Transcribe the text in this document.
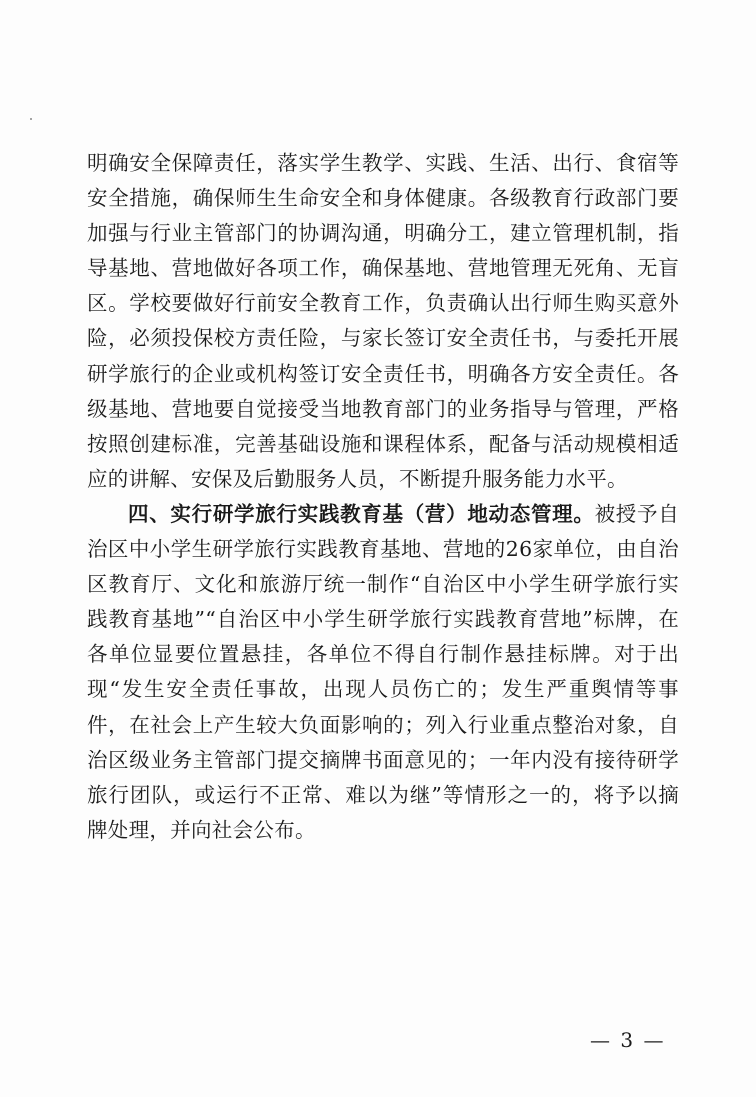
明确安全保障责任，落实学生教学、实践、生活、出行、食宿等安全措施，确保师生生命安全和身体健康。各级教育行政部门要加强与行业主管部门的协调沟通，明确分工，建立管理机制，指导基地、营地做好各项工作，确保基地、营地管理无死角、无盲区。学校要做好行前安全教育工作，负责确认出行师生购买意外险，必须投保校方责任险，与家长签订安全责任书，与委托开展研学旅行的企业或机构签订安全责任书，明确各方安全责任。各级基地、营地要自觉接受当地教育部门的业务指导与管理，严格按照创建标准，完善基础设施和课程体系，配备与活动规模相适应的讲解、安保及后勤服务人员，不断提升服务能力水平。

四、实行研学旅行实践教育基（营）地动态管理。被授予自治区中小学生研学旅行实践教育基地、营地的26家单位，由自治区教育厅、文化和旅游厅统一制作“自治区中小学生研学旅行实践教育基地”“自治区中小学生研学旅行实践教育营地”标牌，在各单位显要位置悬挂，各单位不得自行制作悬挂标牌。对于出现“发生安全责任事故，出现人员伤亡的；发生严重舆情等事件，在社会上产生较大负面影响的；列入行业重点整治对象，自治区级业务主管部门提交摘牌书面意见的；一年内没有接待研学旅行团队，或运行不正常、难以为继”等情形之一的，将予以摘牌处理，并向社会公布。

— 3 —
